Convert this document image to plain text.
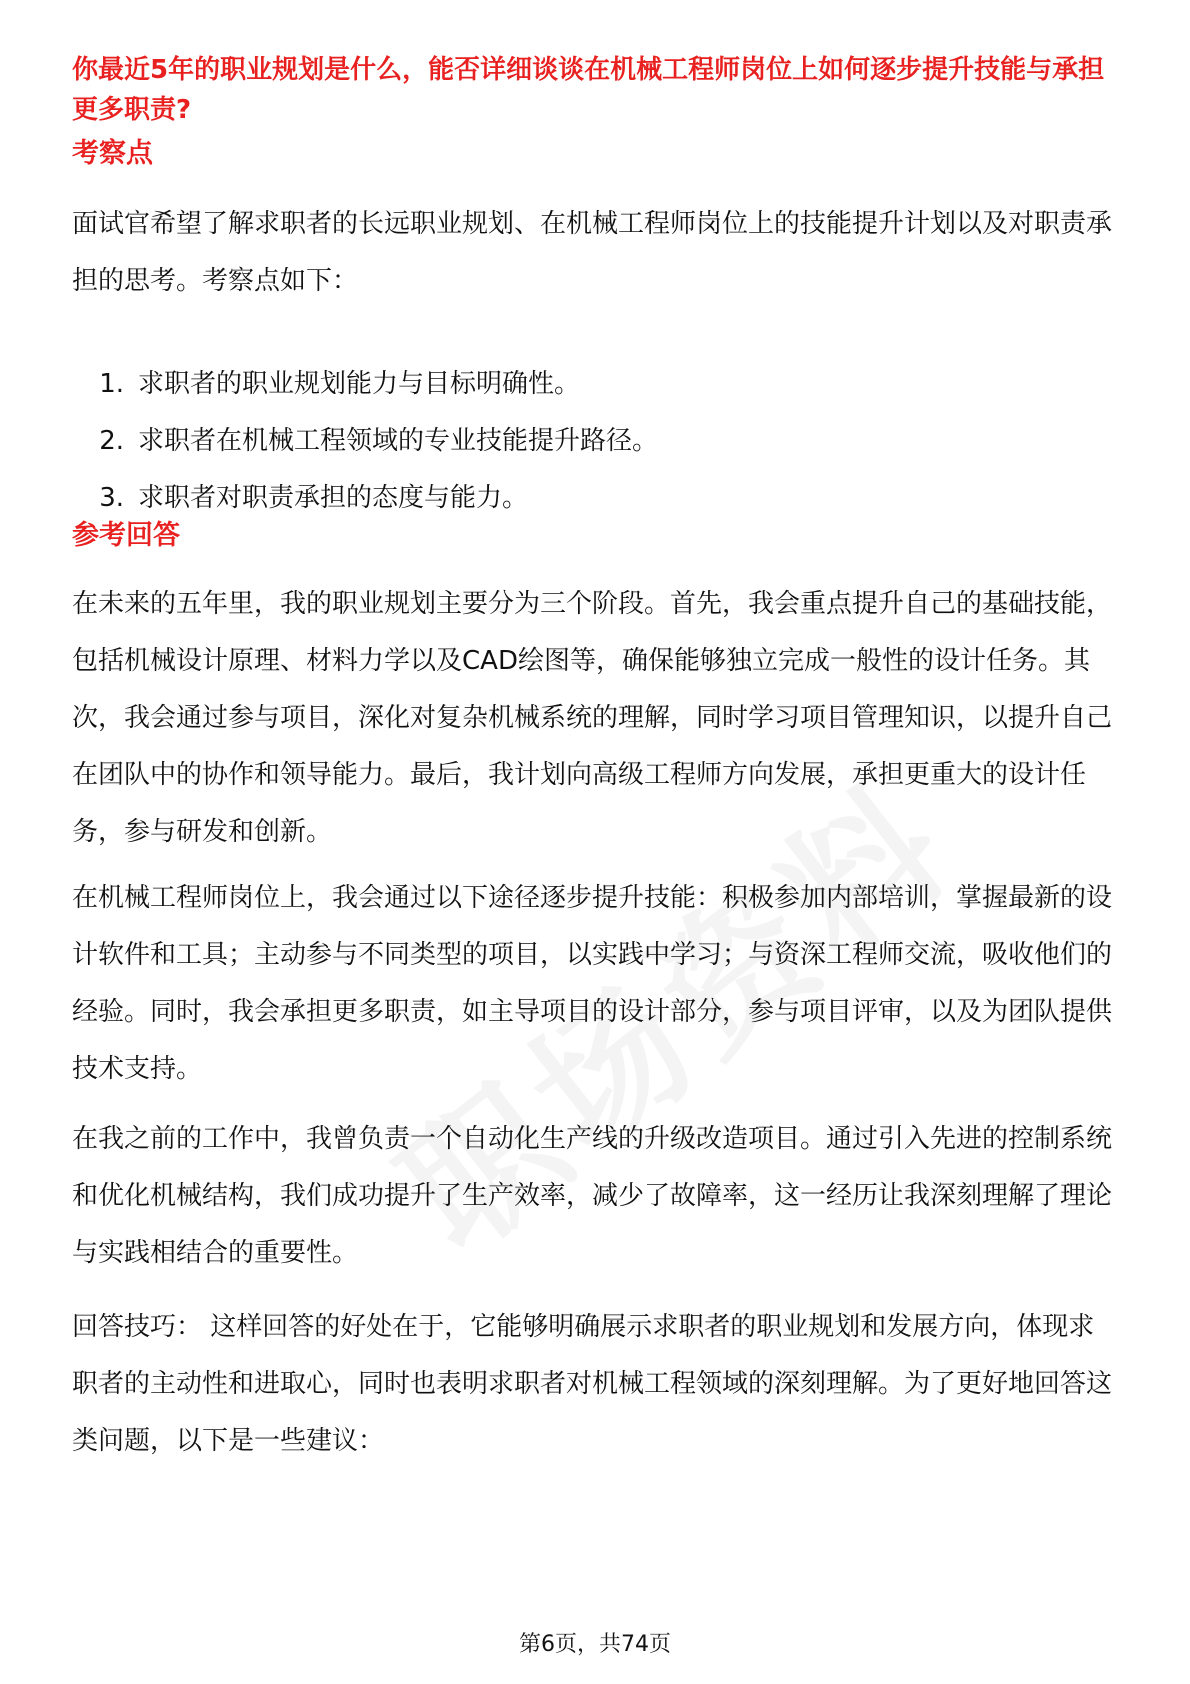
你最近5年的职业规划是什么，能否详细谈谈在机械工程师岗位上如何逐步提升技能与承担更多职责?

考察点

面试官希望了解求职者的长远职业规划、在机械工程师岗位上的技能提升计划以及对职责承担的思考。考察点如下：

1. 求职者的职业规划能力与目标明确性。
2. 求职者在机械工程领域的专业技能提升路径。
3. 求职者对职责承担的态度与能力。
参考回答

在未来的五年里，我的职业规划主要分为三个阶段。首先，我会重点提升自己的基础技能，包括机械设计原理、材料力学以及CAD绘图等，确保能够独立完成一般性的设计任务。其次，我会通过参与项目，深化对复杂机械系统的理解，同时学习项目管理知识，以提升自己在团队中的协作和领导能力。最后，我计划向高级工程师方向发展，承担更重大的设计任务，参与研发和创新。

在机械工程师岗位上，我会通过以下途径逐步提升技能：积极参加内部培训，掌握最新的设计软件和工具；主动参与不同类型的项目，以实践中学习；与资深工程师交流，吸收他们的经验。同时，我会承担更多职责，如主导项目的设计部分，参与项目评审，以及为团队提供技术支持。

在我之前的工作中，我曾负责一个自动化生产线的升级改造项目。通过引入先进的控制系统和优化机械结构，我们成功提升了生产效率，减少了故障率，这一经历让我深刻理解了理论与实践相结合的重要性。

回答技巧： 这样回答的好处在于，它能够明确展示求职者的职业规划和发展方向，体现求职者的主动性和进取心，同时也表明求职者对机械工程领域的深刻理解。为了更好地回答这类问题，以下是一些建议：

第6页，共74页
